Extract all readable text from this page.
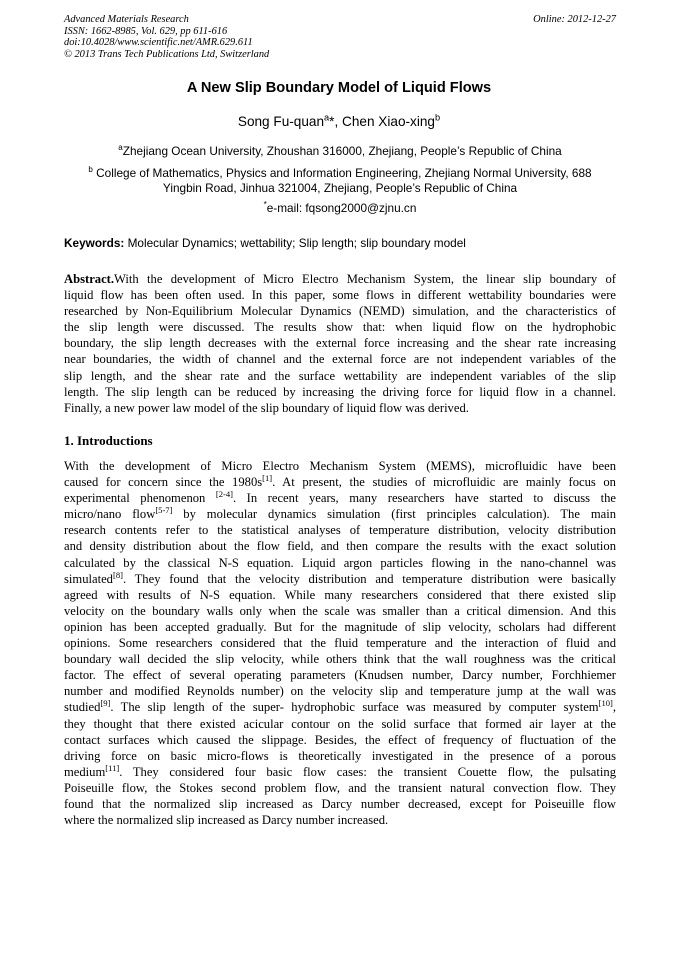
Advanced Materials Research
ISSN: 1662-8985, Vol. 629, pp 611-616
doi:10.4028/www.scientific.net/AMR.629.611
© 2013 Trans Tech Publications Ltd, Switzerland
Online: 2012-12-27
A New Slip Boundary Model of Liquid Flows
Song Fu-quan$^a$*, Chen Xiao-xing$^b$
$^a$Zhejiang Ocean University, Zhoushan 316000, Zhejiang, People’s Republic of China
$^b$ College of Mathematics, Physics and Information Engineering, Zhejiang Normal University, 688
Yingbin Road, Jinhua 321004, Zhejiang, People’s Republic of China
*e-mail: fqsong2000@zjnu.cn
Keywords: Molecular Dynamics; wettability; Slip length; slip boundary model
Abstract.With the development of Micro Electro Mechanism System, the linear slip boundary of
liquid flow has been often used. In this paper, some flows in different wettability boundaries were
researched by Non-Equilibrium Molecular Dynamics (NEMD) simulation, and the characteristics of
the slip length were discussed. The results show that: when liquid flow on the hydrophobic
boundary, the slip length decreases with the external force increasing and the shear rate increasing
near boundaries, the width of channel and the external force are not independent variables of the
slip length, and the shear rate and the surface wettability are independent variables of the slip
length. The slip length can be reduced by increasing the driving force for liquid flow in a channel.
Finally, a new power law model of the slip boundary of liquid flow was derived.
1. Introductions
With the development of Micro Electro Mechanism System (MEMS), microfluidic have been
caused for concern since the 1980s[1]. At present, the studies of microfluidic are mainly focus on
experimental phenomenon [2-4]. In recent years, many researchers have started to discuss the
micro/nano flow[5-7] by molecular dynamics simulation (first principles calculation). The main
research contents refer to the statistical analyses of temperature distribution, velocity distribution
and density distribution about the flow field, and then compare the results with the exact solution
calculated by the classical N-S equation. Liquid argon particles flowing in the nano-channel was
simulated[8]. They found that the velocity distribution and temperature distribution were basically
agreed with results of N-S equation. While many researchers considered that there existed slip
velocity on the boundary walls only when the scale was smaller than a critical dimension. And this
opinion has been accepted gradually. But for the magnitude of slip velocity, scholars had different
opinions. Some researchers considered that the fluid temperature and the interaction of fluid and
boundary wall decided the slip velocity, while others think that the wall roughness was the critical
factor. The effect of several operating parameters (Knudsen number, Darcy number, Forchhiemer
number and modified Reynolds number) on the velocity slip and temperature jump at the wall was
studied[9]. The slip length of the super- hydrophobic surface was measured by computer system[10],
they thought that there existed acicular contour on the solid surface that formed air layer at the
contact surfaces which caused the slippage. Besides, the effect of frequency of fluctuation of the
driving force on basic micro-flows is theoretically investigated in the presence of a porous
medium[11]. They considered four basic flow cases: the transient Couette flow, the pulsating
Poiseuille flow, the Stokes second problem flow, and the transient natural convection flow. They
found that the normalized slip increased as Darcy number decreased, except for Poiseuille flow
where the normalized slip increased as Darcy number increased.
